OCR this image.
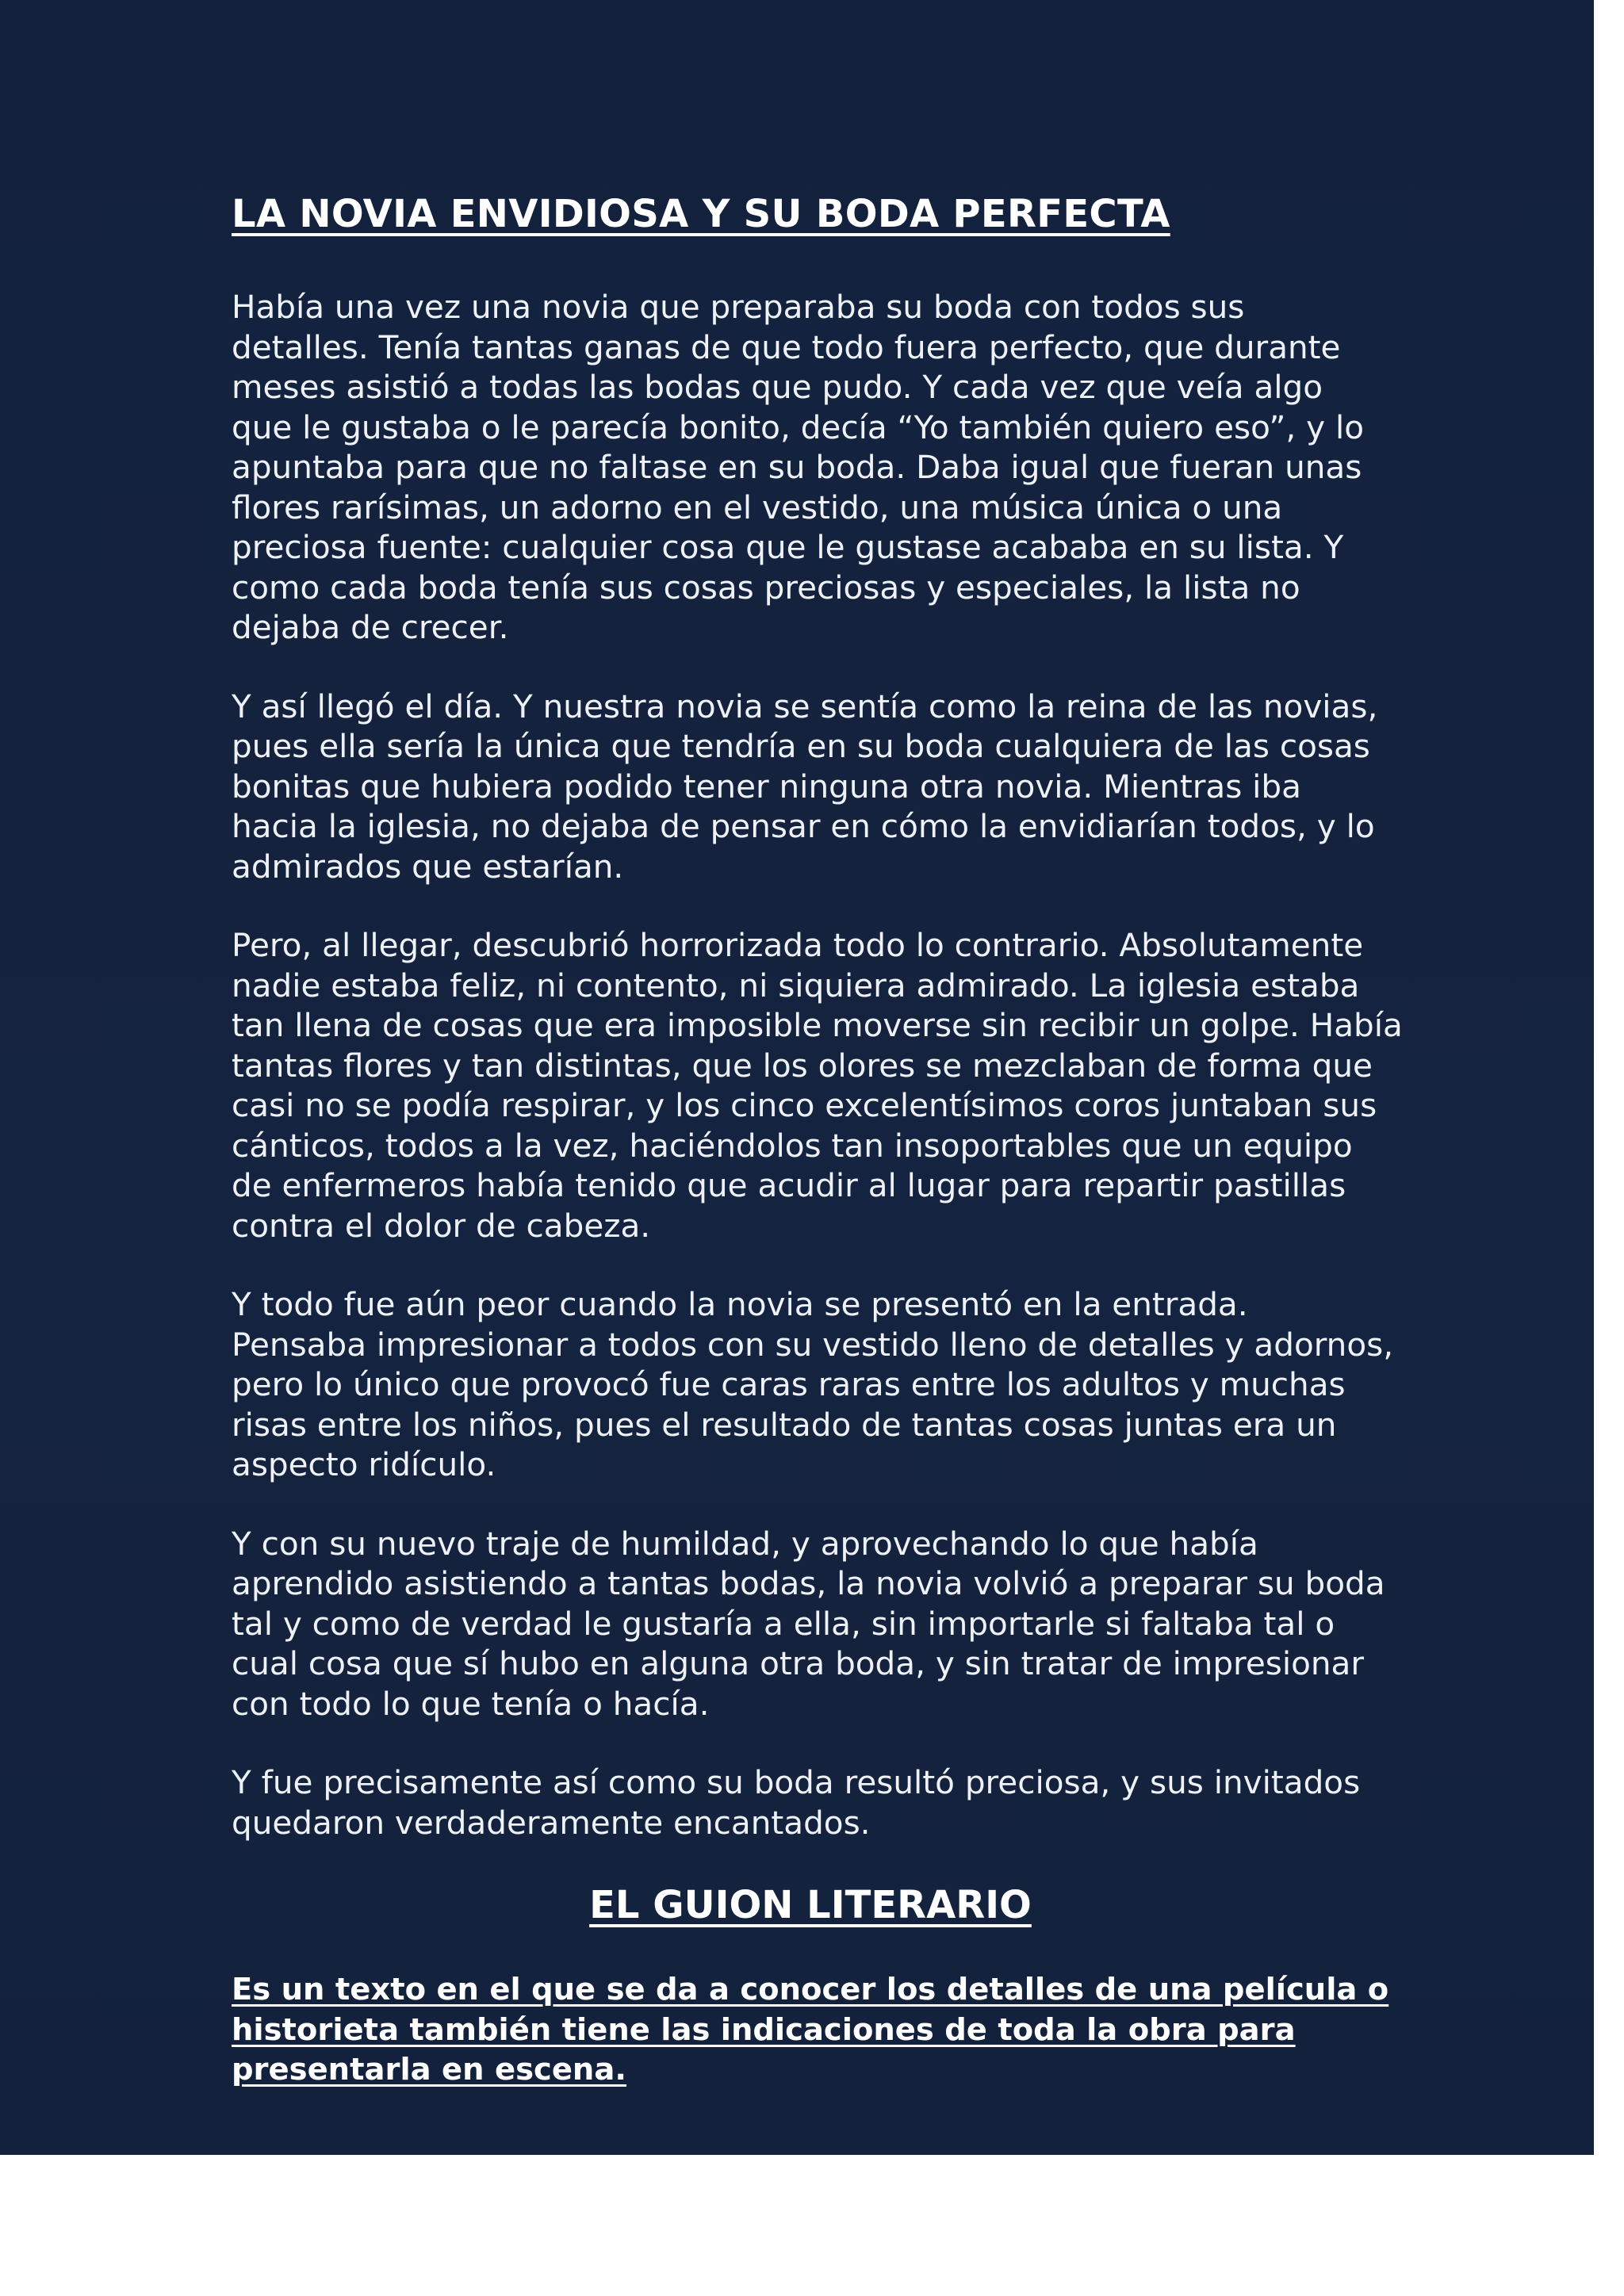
LA NOVIA ENVIDIOSA Y SU BODA PERFECTA

Había una vez una novia que preparaba su boda con todos sus
detalles. Tenía tantas ganas de que todo fuera perfecto, que durante
meses asistió a todas las bodas que pudo. Y cada vez que veía algo
que le gustaba o le parecía bonito, decía “Yo también quiero eso”, y lo
apuntaba para que no faltase en su boda. Daba igual que fueran unas
flores rarísimas, un adorno en el vestido, una música única o una
preciosa fuente: cualquier cosa que le gustase acababa en su lista. Y
como cada boda tenía sus cosas preciosas y especiales, la lista no
dejaba de crecer.

Y así llegó el día. Y nuestra novia se sentía como la reina de las novias,
pues ella sería la única que tendría en su boda cualquiera de las cosas
bonitas que hubiera podido tener ninguna otra novia. Mientras iba
hacia la iglesia, no dejaba de pensar en cómo la envidiarían todos, y lo
admirados que estarían.

Pero, al llegar, descubrió horrorizada todo lo contrario. Absolutamente
nadie estaba feliz, ni contento, ni siquiera admirado. La iglesia estaba
tan llena de cosas que era imposible moverse sin recibir un golpe. Había
tantas flores y tan distintas, que los olores se mezclaban de forma que
casi no se podía respirar, y los cinco excelentísimos coros juntaban sus
cánticos, todos a la vez, haciéndolos tan insoportables que un equipo
de enfermeros había tenido que acudir al lugar para repartir pastillas
contra el dolor de cabeza.

Y todo fue aún peor cuando la novia se presentó en la entrada.
Pensaba impresionar a todos con su vestido lleno de detalles y adornos,
pero lo único que provocó fue caras raras entre los adultos y muchas
risas entre los niños, pues el resultado de tantas cosas juntas era un
aspecto ridículo.

Y con su nuevo traje de humildad, y aprovechando lo que había
aprendido asistiendo a tantas bodas, la novia volvió a preparar su boda
tal y como de verdad le gustaría a ella, sin importarle si faltaba tal o
cual cosa que sí hubo en alguna otra boda, y sin tratar de impresionar
con todo lo que tenía o hacía.

Y fue precisamente así como su boda resultó preciosa, y sus invitados
quedaron verdaderamente encantados.

EL GUION LITERARIO

Es un texto en el que se da a conocer los detalles de una película o
historieta también tiene las indicaciones de toda la obra para
presentarla en escena.
